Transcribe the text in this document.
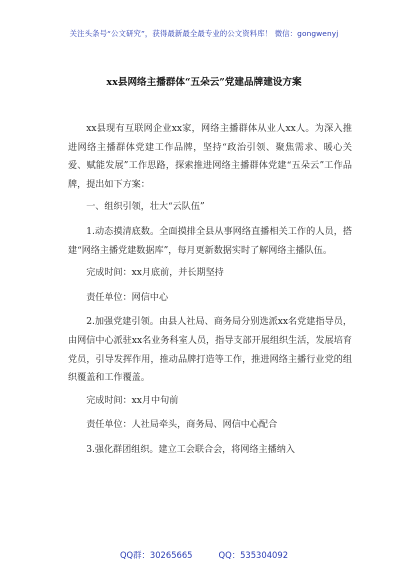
关注头条号“公文研究”，获得最新最全最专业的公文资料库！ 微信：gongwenyj
xx县网络主播群体“五朵云”党建品牌建设方案

xx县现有互联网企业xx家，网络主播群体从业人xx人。为深入推进网络主播群体党建工作品牌，坚持“政治引领、聚焦需求、暖心关爱、赋能发展”工作思路，探索推进网络主播群体党建“五朵云”工作品牌，提出如下方案：

一、组织引领，壮大“云队伍”

1.动态摸清底数。全面摸排全县从事网络直播相关工作的人员，搭建“网络主播党建数据库”，每月更新数据实时了解网络主播队伍。

完成时间：xx月底前，并长期坚持

责任单位：网信中心

2.加强党建引领。由县人社局、商务局分别选派xx名党建指导员，由网信中心派驻xx名业务科室人员，指导支部开展组织生活，发展培育党员，引导发挥作用，推动品牌打造等工作，推进网络主播行业党的组织覆盖和工作覆盖。

完成时间：xx月中旬前

责任单位：人社局牵头，商务局、网信中心配合

3.强化群团组织。建立工会联合会，将网络主播纳入

QQ群：30265665	QQ：535304092
